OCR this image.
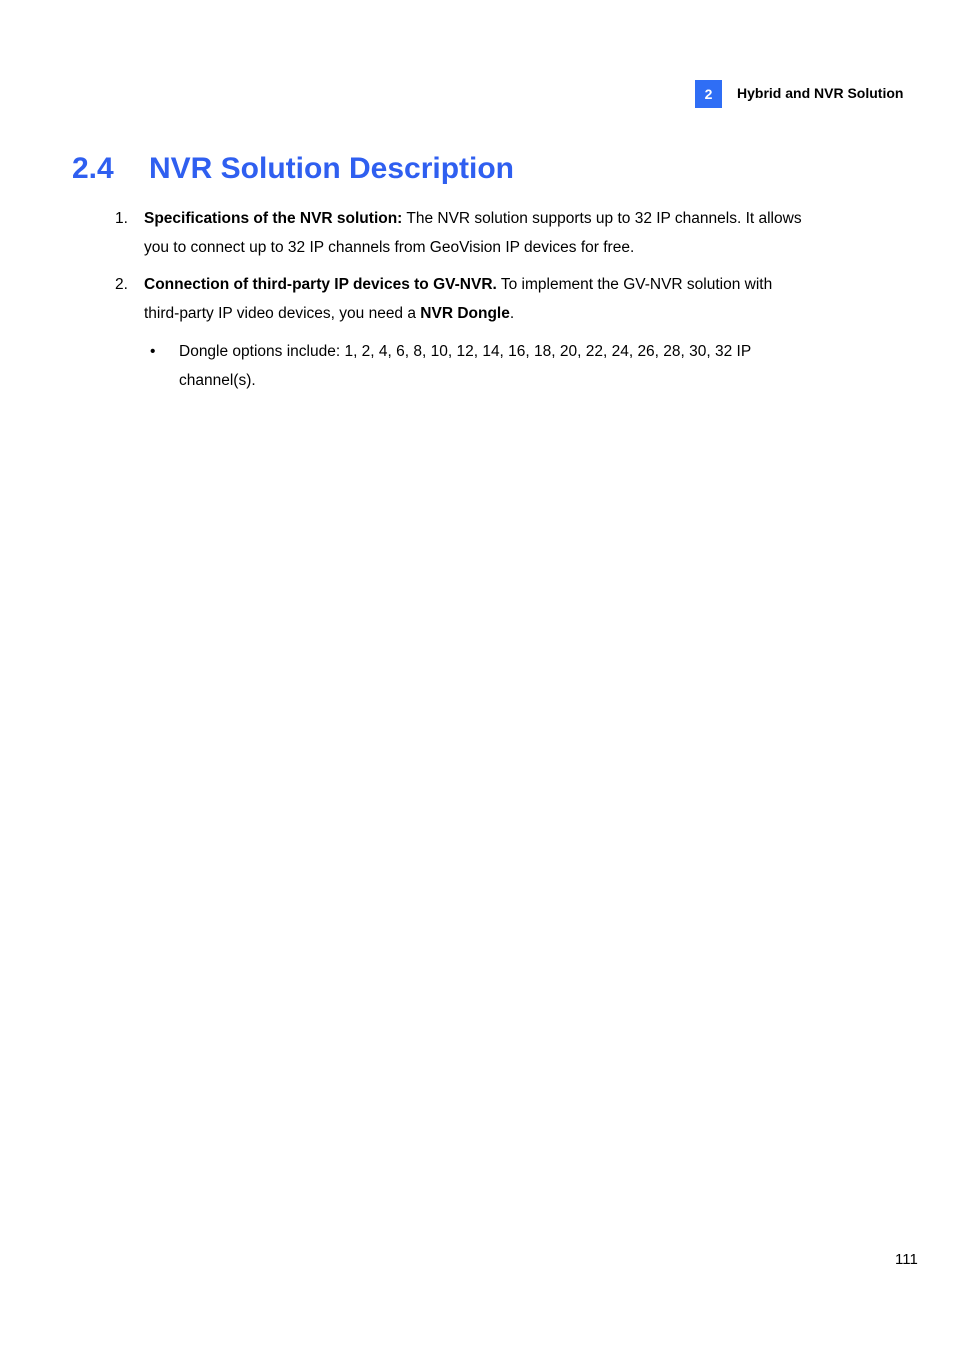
2	Hybrid and NVR Solution
2.4 NVR Solution Description
1. Specifications of the NVR solution: The NVR solution supports up to 32 IP channels. It allows
you to connect up to 32 IP channels from GeoVision IP devices for free.
2. Connection of third-party IP devices to GV-NVR. To implement the GV-NVR solution with
third-party IP video devices, you need a NVR Dongle.
• Dongle options include: 1, 2, 4, 6, 8, 10, 12, 14, 16, 18, 20, 22, 24, 26, 28, 30, 32 IP
channel(s).
111
